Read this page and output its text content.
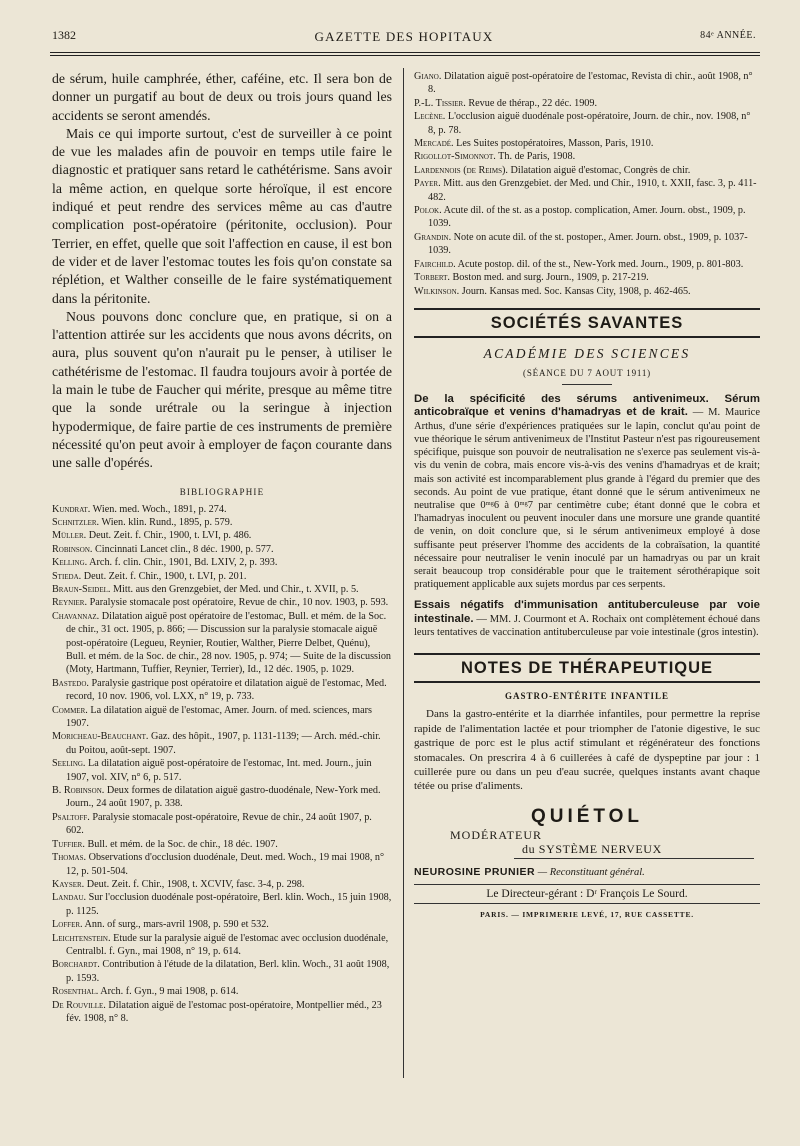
1382	GAZETTE DES HOPITAUX	84ᵉ ANNÉE.

de sérum, huile camphrée, éther, caféine, etc. Il sera bon de donner un purgatif au bout de deux ou trois jours quand les accidents se seront amendés.

Mais ce qui importe surtout, c'est de surveiller à ce point de vue les malades afin de pouvoir en temps utile faire le diagnostic et pratiquer sans retard le cathétérisme. Sans avoir la même action, en quelque sorte héroïque, il est encore indiqué et peut rendre des services même au cas d'autre complication post-opératoire (péritonite, occlusion). Pour Terrier, en effet, quelle que soit l'affection en cause, il est bon de vider et de laver l'estomac toutes les fois qu'on constate sa réplétion, et Walther conseille de le faire systématiquement dans la péritonite.

Nous pouvons donc conclure que, en pratique, si on a l'attention attirée sur les accidents que nous avons décrits, on aura, plus souvent qu'on n'aurait pu le penser, à utiliser le cathétérisme de l'estomac. Il faudra toujours avoir à portée de la main le tube de Faucher qui mérite, presque au même titre que la sonde urétrale ou la seringue à injection hypodermique, de faire partie de ces instruments de première nécessité qu'on peut avoir à employer de façon courante dans une salle d'opérés.

BIBLIOGRAPHIE

Kundrat. Wien. med. Woch., 1891, p. 274.

Schnitzler. Wien. klin. Rund., 1895, p. 579.

Müller. Deut. Zeit. f. Chir., 1900, t. LVI, p. 486.

Robinson. Cincinnati Lancet clin., 8 déc. 1900, p. 577.

Kelling. Arch. f. clin. Chir., 1901, Bd. LXIV, 2, p. 393.

Stieda. Deut. Zeit. f. Chir., 1900, t. LVI, p. 201.

Braun-Seidel. Mitt. aus den Grenzgebiet, der Med. und Chir., t. XVII, p. 5.

Reynier. Paralysie stomacale post opératoire, Revue de chir., 10 nov. 1903, p. 593.

Chavannaz. Dilatation aiguë post opératoire de l'estomac, Bull. et mém. de la Soc. de chir., 31 oct. 1905, p. 866; — Discussion sur la paralysie stomacale aiguë post-opératoire (Legueu, Reynier, Routier, Walther, Pierre Delbet, Quénu), Bull. et mém. de la Soc. de chir., 28 nov. 1905, p. 974; — Suite de la discussion (Moty, Hartmann, Tuffier, Reynier, Terrier), Id., 12 déc. 1905, p. 1029.

Bastedo. Paralysie gastrique post opératoire et dilatation aiguë de l'estomac, Med. record, 10 nov. 1906, vol. LXX, n° 19, p. 733.

Commer. La dilatation aiguë de l'estomac, Amer. Journ. of med. sciences, mars 1907.

Moricheau-Beauchant. Gaz. des hôpit., 1907, p. 1131-1139; — Arch. méd.-chir. du Poitou, août-sept. 1907.

Seeling. La dilatation aiguë post-opératoire de l'estomac, Int. med. Journ., juin 1907, vol. XIV, n° 6, p. 517.

B. Robinson. Deux formes de dilatation aiguë gastro-duodénale, New-York med. Journ., 24 août 1907, p. 338.

Psaltoff. Paralysie stomacale post-opératoire, Revue de chir., 24 août 1907, p. 602.

Tuffier. Bull. et mém. de la Soc. de chir., 18 déc. 1907.

Thomas. Observations d'occlusion duodénale, Deut. med. Woch., 19 mai 1908, n° 12, p. 501-504.

Kayser. Deut. Zeit. f. Chir., 1908, t. XCVIV, fasc. 3-4, p. 298.

Landau. Sur l'occlusion duodénale post-opératoire, Berl. klin. Woch., 15 juin 1908, p. 1125.

Loffer. Ann. of surg., mars-avril 1908, p. 590 et 532.

Leichtenstein. Etude sur la paralysie aiguë de l'estomac avec occlusion duodénale, Centralbl. f. Gyn., mai 1908, n° 19, p. 614.

Borchardt. Contribution à l'étude de la dilatation, Berl. klin. Woch., 31 août 1908, p. 1593.

Rosenthal. Arch. f. Gyn., 9 mai 1908, p. 614.

De Rouville. Dilatation aiguë de l'estomac post-opératoire, Montpellier méd., 23 fév. 1908, n° 8.

Giano. Dilatation aiguë post-opératoire de l'estomac, Revista di chir., août 1908, n° 8.

P.-L. Tissier. Revue de thérap., 22 déc. 1909.

Lecène. L'occlusion aiguë duodénale post-opératoire, Journ. de chir., nov. 1908, n° 8, p. 78.

Mercadé. Les Suites postopératoires, Masson, Paris, 1910.

Rigollot-Simonnot. Th. de Paris, 1908.

Lardennois (de Reims). Dilatation aiguë d'estomac, Congrès de chir.

Payer. Mitt. aus den Grenzgebiet. der Med. und Chir., 1910, t. XXII, fasc. 3, p. 411-482.

Polok. Acute dil. of the st. as a postop. complication, Amer. Journ. obst., 1909, p. 1039.

Grandin. Note on acute dil. of the st. postoper., Amer. Journ. obst., 1909, p. 1037-1039.

Fairchild. Acute postop. dil. of the st., New-York med. Journ., 1909, p. 801-803.

Torbert. Boston med. and surg. Journ., 1909, p. 217-219.

Wilkinson. Journ. Kansas med. Soc. Kansas City, 1908, p. 462-465.

SOCIÉTÉS SAVANTES
ACADÉMIE DES SCIENCES
(SÉANCE DU 7 AOUT 1911)

De la spécificité des sérums antivenimeux. Sérum anticobraïque et venins d'hamadryas et de krait. — M. Maurice Arthus, d'une série d'expériences pratiquées sur le lapin, conclut qu'au point de vue théorique le sérum antivenimeux de l'Institut Pasteur n'est pas rigoureusement spécifique, puisque son pouvoir de neutralisation ne s'exerce pas seulement vis-à-vis du venin de cobra, mais encore vis-à-vis des venins d'hamadryas et de krait; mais son activité est incomparablement plus grande à l'égard du premier que des seconds. Au point de vue pratique, étant donné que le sérum antivenimeux ne neutralise que 0ᵐᵍ6 à 0ᵐᵍ7 par centimètre cube; étant donné que le cobra et l'hamadryas inoculent ou peuvent inoculer dans une morsure une grande quantité de venin, on doit conclure que, si le sérum antivenimeux employé à dose suffisante peut préserver l'homme des accidents de la cobraïsation, la quantité nécessaire pour neutraliser le venin inoculé par un hamadryas ou par un krait serait beaucoup trop considérable pour que le traitement sérothérapique soit pratiquement applicable aux sujets mordus par ces serpents.

Essais négatifs d'immunisation antituberculeuse par voie intestinale. — MM. J. Courmont et A. Rochaix ont complètement échoué dans leurs tentatives de vaccination antituberculeuse par voie intestinale (gros intestin).

NOTES DE THÉRAPEUTIQUE
GASTRO-ENTÉRITE INFANTILE

Dans la gastro-entérite et la diarrhée infantiles, pour permettre la reprise rapide de l'alimentation lactée et pour triompher de l'atonie digestive, le suc gastrique de porc est le plus actif stimulant et régénérateur des fonctions stomacales. On prescrira 4 à 6 cuillerées à café de dyspeptine par jour : 1 cuillerée pure ou dans un peu d'eau sucrée, quelques instants avant chaque tétée ou prise d'aliments.

QUIÉTOL
MODÉRATEUR
du SYSTÈME NERVEUX
NEUROSINE PRUNIER — Reconstituant général.
Le Directeur-gérant : Dʳ François Le Sourd.
PARIS. — IMPRIMERIE LEVÉ, 17, RUE CASSETTE.
